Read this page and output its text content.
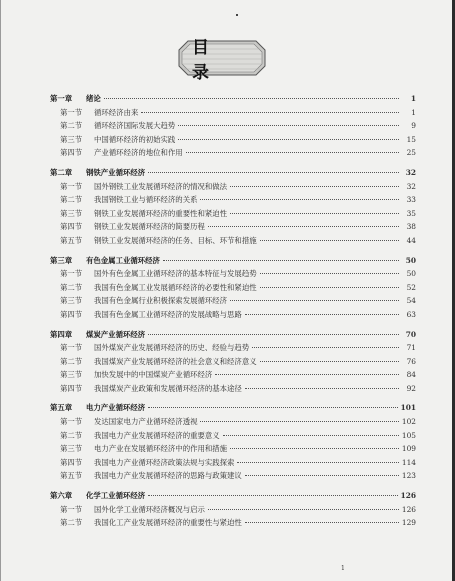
目 录
第一章	绪论	1
第一节	循环经济由来	1
第二节	循环经济国际发展大趋势	9
第三节	中国循环经济的初始实践	15
第四节	产业循环经济的地位和作用	25
第二章	钢铁产业循环经济	32
第一节	国外钢铁工业发展循环经济的情况和做法	32
第二节	我国钢铁工业与循环经济的关系	33
第三节	钢铁工业发展循环经济的重要性和紧迫性	35
第四节	钢铁工业发展循环经济的简要历程	38
第五节	钢铁工业发展循环经济的任务、目标、环节和措施	44
第三章	有色金属工业循环经济	50
第一节	国外有色金属工业循环经济的基本特征与发展趋势	50
第二节	我国有色金属工业发展循环经济的必要性和紧迫性	52
第三节	我国有色金属行业积极探索发展循环经济	54
第四节	我国有色金属工业循环经济的发展战略与思路	63
第四章	煤炭产业循环经济	70
第一节	国外煤炭产业发展循环经济的历史、经验与趋势	71
第二节	我国煤炭产业发展循环经济的社会意义和经济意义	76
第三节	加快发展中的中国煤炭产业循环经济	84
第四节	我国煤炭产业政策和发展循环经济的基本途径	92
第五章	电力产业循环经济	101
第一节	发达国家电力产业循环经济透视	102
第二节	我国电力产业发展循环经济的重要意义	105
第三节	电力产业在发展循环经济中的作用和措施	109
第四节	我国电力产业循环经济政策法规与实践探索	114
第五节	我国电力产业发展循环经济的思路与政策建议	123
第六章	化学工业循环经济	126
第一节	国外化学工业循环经济概况与启示	126
第二节	我国化工产业发展循环经济的重要性与紧迫性	129
1
